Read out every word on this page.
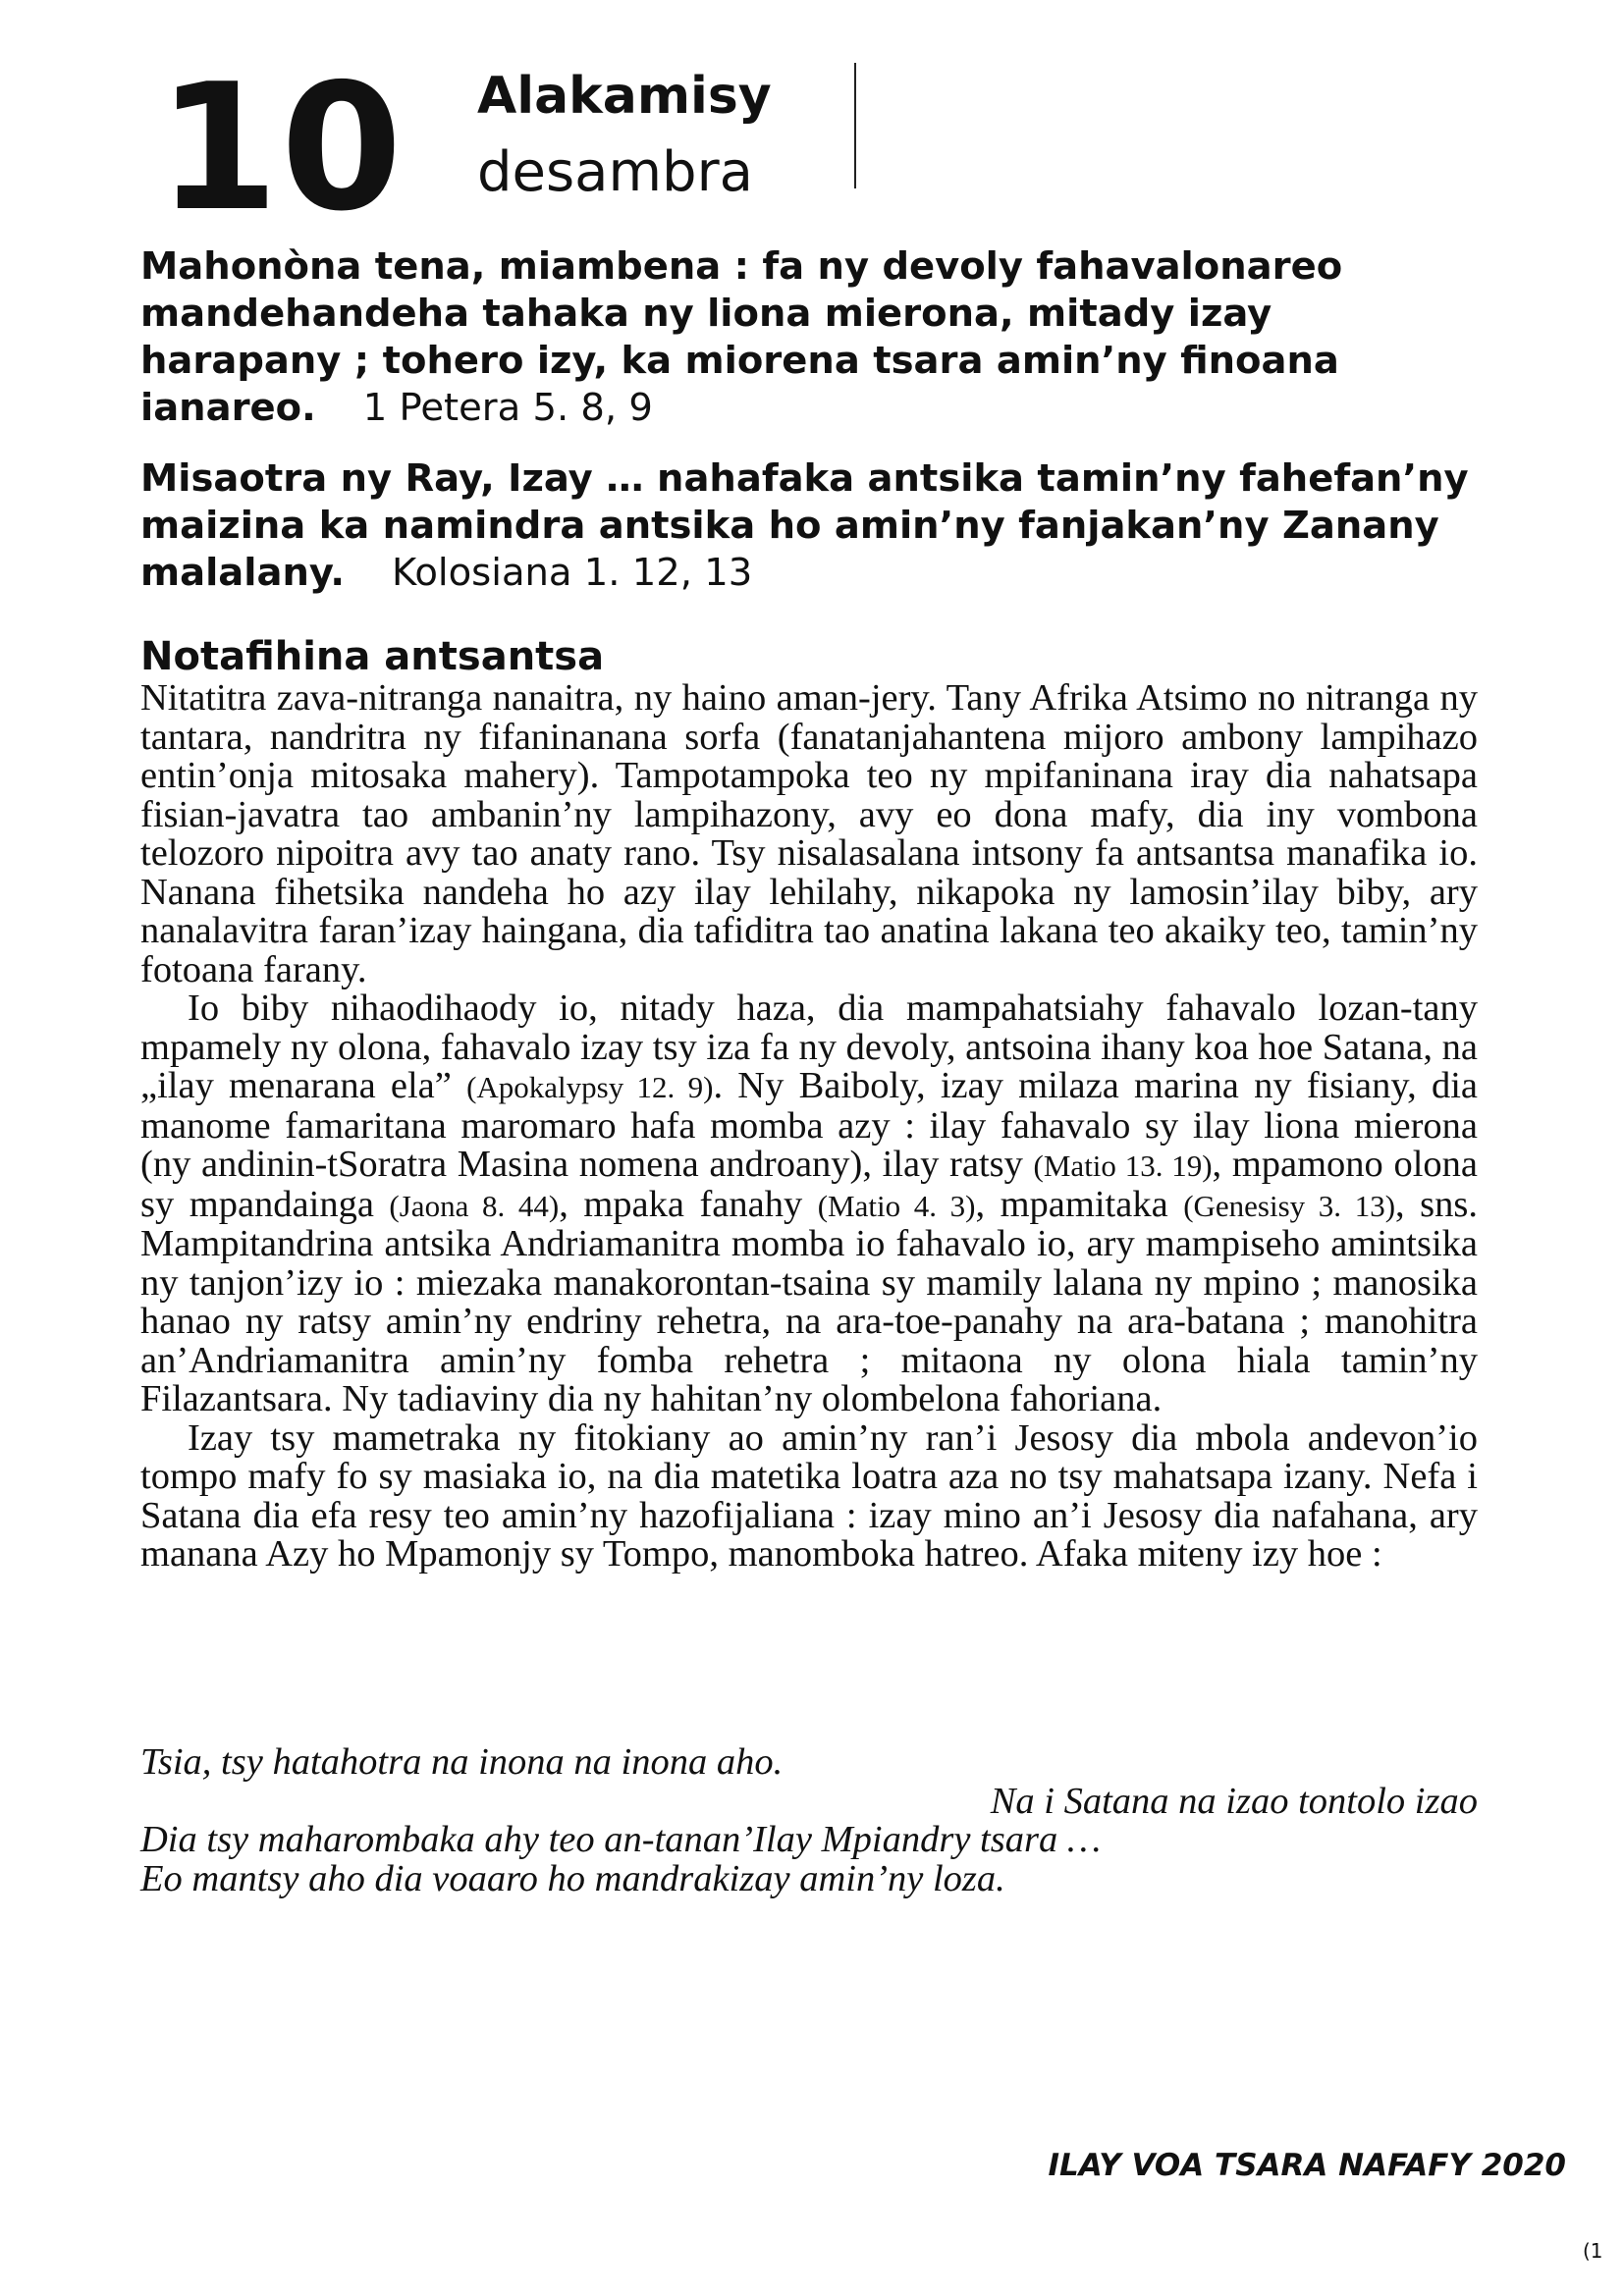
10 Alakamisy
desambra
Mahonòna tena, miambena : fa ny devoly fahavalonareo mandehandeha tahaka ny liona mierona, mitady izay harapany ; tohero izy, ka miorena tsara amin’ny finoana ianareo. 1 Petera 5. 8, 9
Misaotra ny Ray, Izay … nahafaka antsika tamin’ny fahefan’ny maizina ka namindra antsika ho amin’ny fanjakan’ny Zanany malalany. Kolosiana 1. 12, 13
Notafihina antsantsa

Nitatitra zava-nitranga nanaitra, ny haino aman-jery. Tany Afrika Atsimo no nitranga ny tantara, nandritra ny fifaninanana sorfa (fanatanjahantena mijoro ambony lampihazo entin’onja mitosaka mahery). Tampotampoka teo ny mpifaninana iray dia nahatsapa fisian-javatra tao ambanin’ny lampihazony, avy eo dona mafy, dia iny vombona telozoro nipoitra avy tao anaty rano. Tsy nisalasalana intsony fa antsantsa manafika io. Nanana fihetsika nandeha ho azy ilay lehilahy, nikapoka ny lamosin’ilay biby, ary nanalavitra faran’izay haingana, dia tafiditra tao anatina lakana teo akaiky teo, tamin’ny fotoana farany.

Io biby nihaodihaody io, nitady haza, dia mampahatsiahy fahavalo lozan-tany mpamely ny olona, fahavalo izay tsy iza fa ny devoly, antsoina ihany koa hoe Satana, na „ilay menarana ela” (Apokalypsy 12. 9). Ny Baiboly, izay milaza marina ny fisiany, dia manome famaritana maromaro hafa momba azy : ilay fahavalo sy ilay liona mierona (ny andinin-tSoratra Masina nomena androany), ilay ratsy (Matio 13. 19), mpamono olona sy mpandainga (Jaona 8. 44), mpaka fanahy (Matio 4. 3), mpamitaka (Genesisy 3. 13), sns. Mampitandrina antsika Andriamanitra momba io fahavalo io, ary mampiseho amintsika ny tanjon’izy io : miezaka manakorontan-tsaina sy mamily lalana ny mpino ; manosika hanao ny ratsy amin’ny endriny rehetra, na ara-toe-panahy na ara-batana ; manohitra an’Andriamanitra amin’ny fomba rehetra ; mitaona ny olona hiala tamin’ny Filazantsara. Ny tadiaviny dia ny hahitan’ny olombelona fahoriana.

Izay tsy mametraka ny fitokiany ao amin’ny ran’i Jesosy dia mbola andevon’io tompo mafy fo sy masiaka io, na dia matetika loatra aza no tsy mahatsapa izany. Nefa i Satana dia efa resy teo amin’ny hazofijaliana : izay mino an’i Jesosy dia nafahana, ary manana Azy ho Mpamonjy sy Tompo, manomboka hatreo. Afaka miteny izy hoe :

Tsia, tsy hatahotra na inona na inona aho.
Na i Satana na izao tontolo izao
Dia tsy maharombaka ahy teo an-tanan’Ilay Mpiandry tsara …
Eo mantsy aho dia voaaro ho mandrakizay amin’ny loza.
ILAY VOA TSARA NAFAFY 2020
(1
